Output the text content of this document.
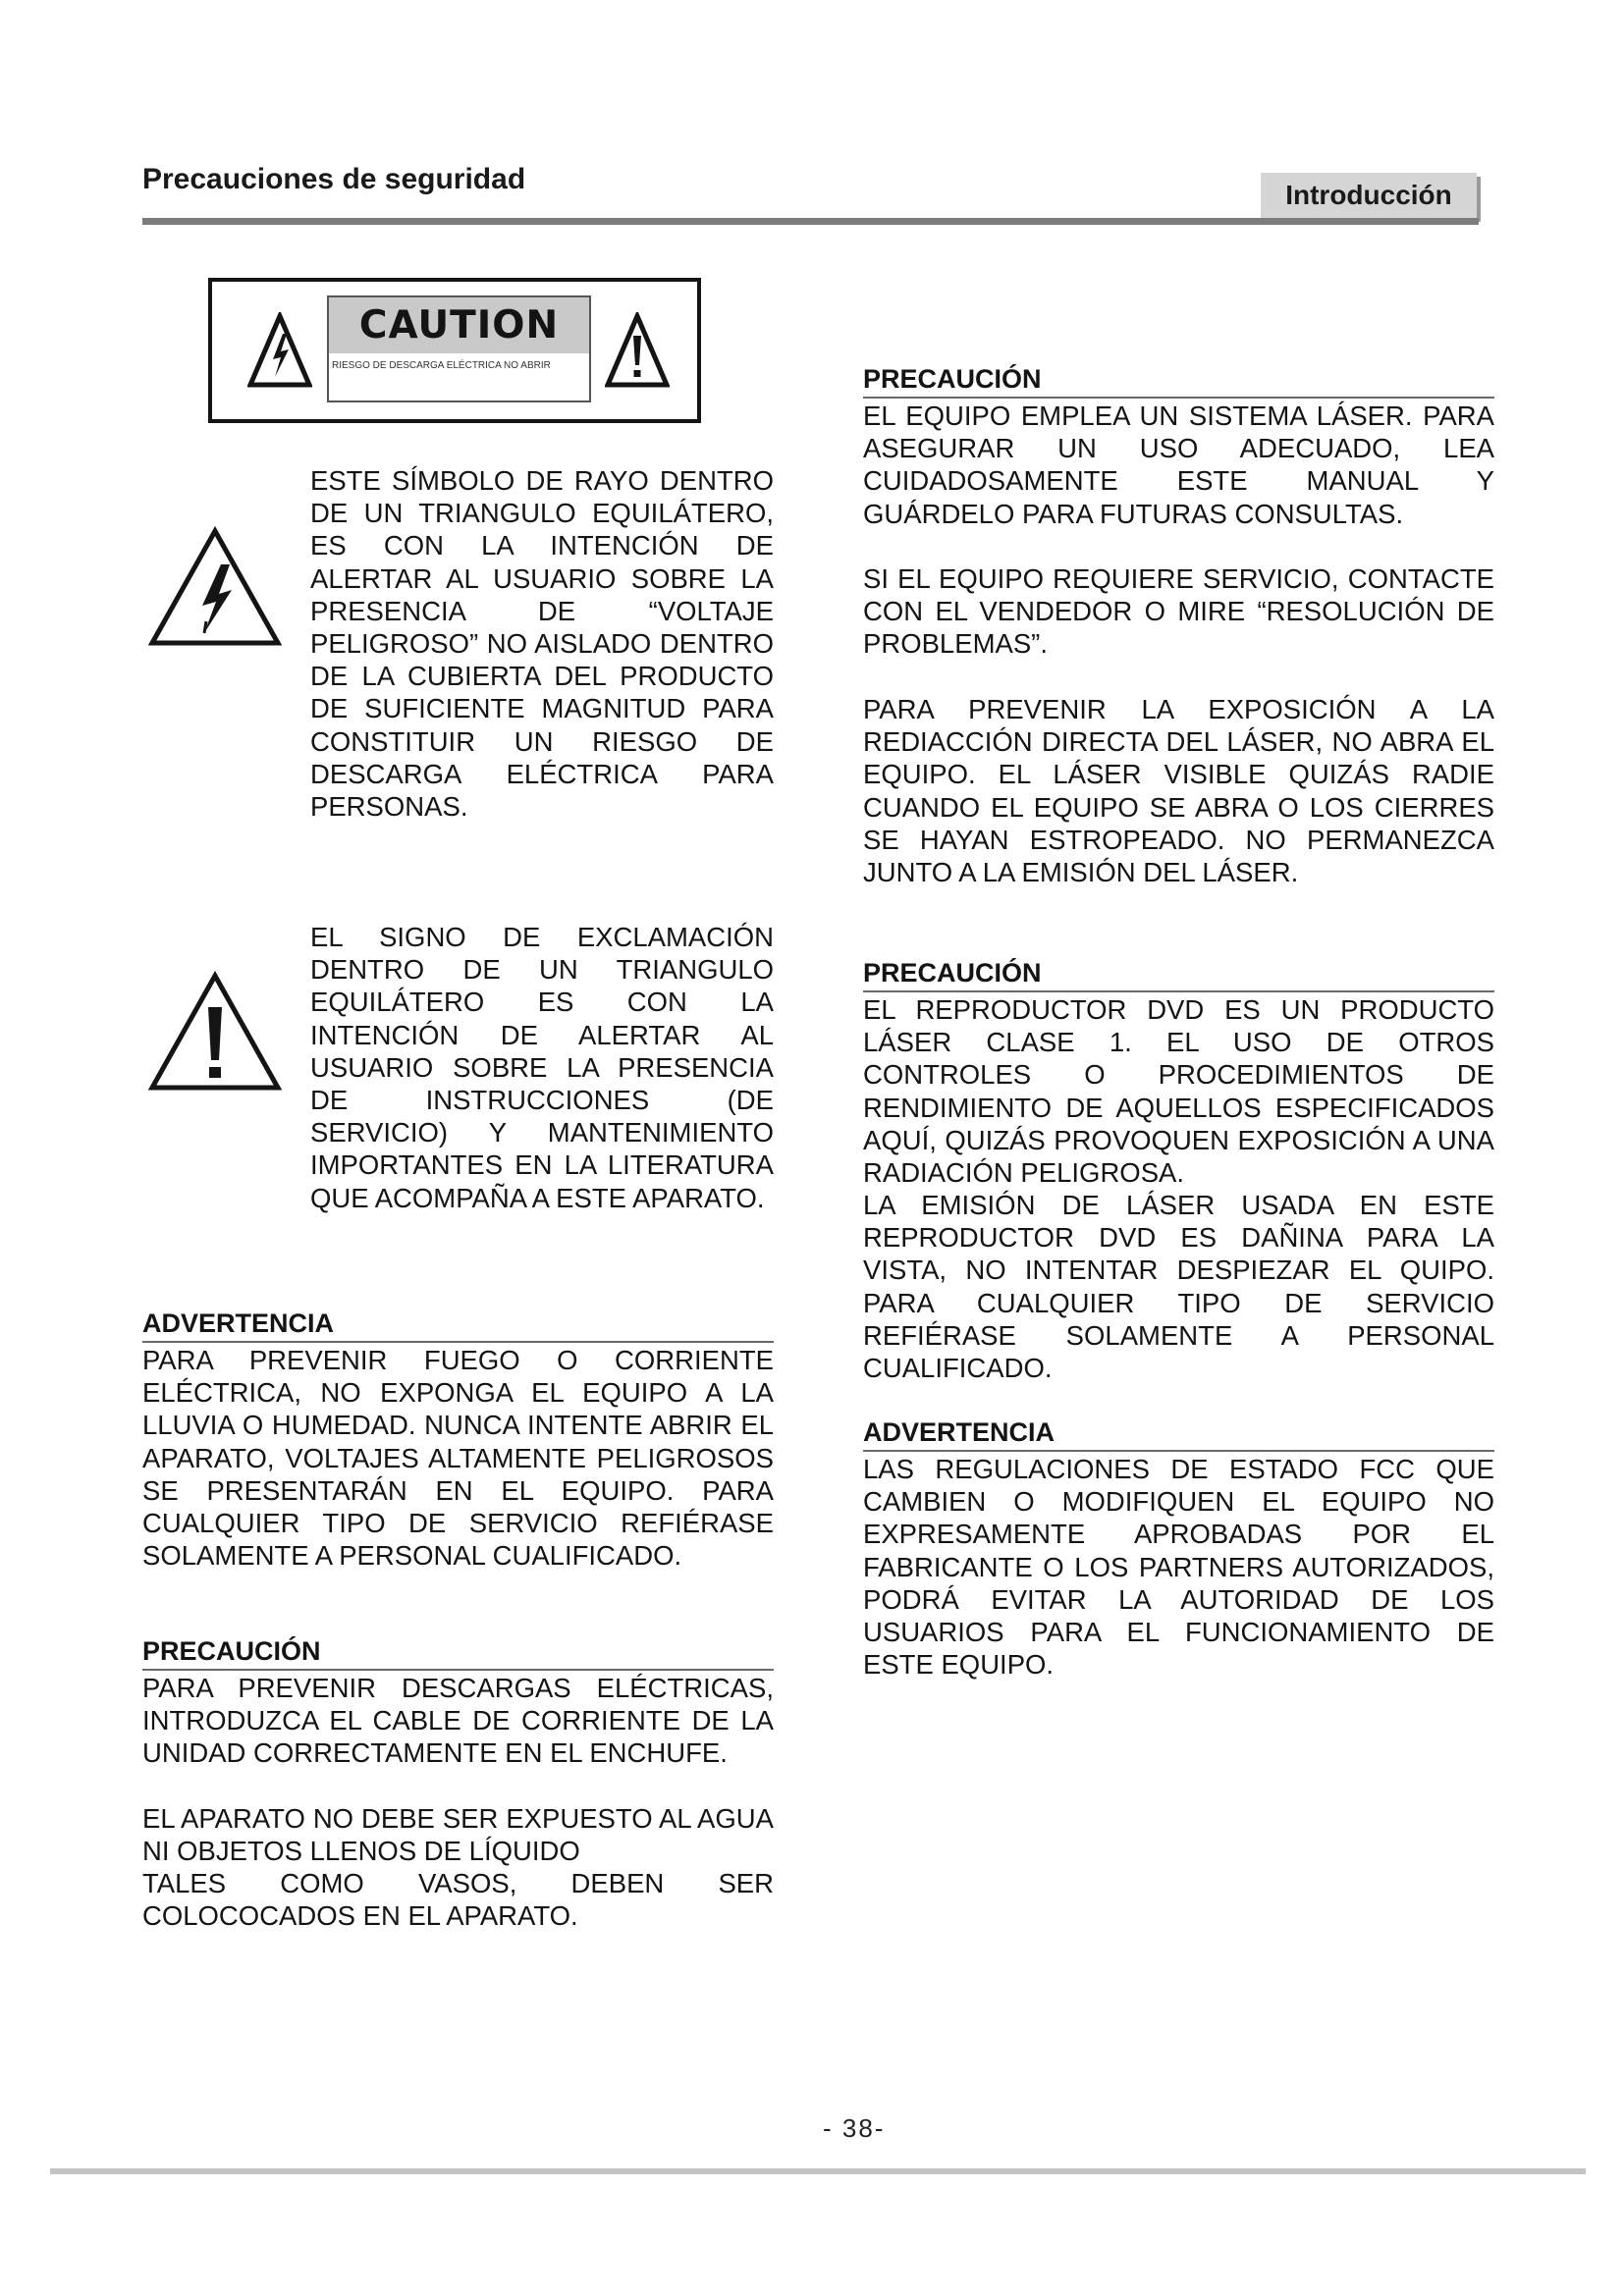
Precauciones de seguridad	Introducción
CAUTION
RIESGO DE DESCARGA ELÉCTRICA NO ABRIR
ESTE SÍMBOLO DE RAYO DENTRO DE UN TRIANGULO EQUILÁTERO, ES CON LA INTENCIÓN DE ALERTAR AL USUARIO SOBRE LA PRESENCIA DE “VOLTAJE PELIGROSO” NO AISLADO DENTRO DE LA CUBIERTA DEL PRODUCTO DE SUFICIENTE MAGNITUD PARA CONSTITUIR UN RIESGO DE DESCARGA ELÉCTRICA PARA PERSONAS.
EL SIGNO DE EXCLAMACIÓN DENTRO DE UN TRIANGULO EQUILÁTERO ES CON LA INTENCIÓN DE ALERTAR AL USUARIO SOBRE LA PRESENCIA DE INSTRUCCIONES (DE SERVICIO) Y MANTENIMIENTO IMPORTANTES EN LA LITERATURA QUE ACOMPAÑA A ESTE APARATO.
ADVERTENCIA
PARA PREVENIR FUEGO O CORRIENTE ELÉCTRICA, NO EXPONGA EL EQUIPO A LA LLUVIA O HUMEDAD. NUNCA INTENTE ABRIR EL APARATO, VOLTAJES ALTAMENTE PELIGROSOS SE PRESENTARÁN EN EL EQUIPO. PARA CUALQUIER TIPO DE SERVICIO REFIÉRASE SOLAMENTE A PERSONAL CUALIFICADO.
PRECAUCIÓN
PARA PREVENIR DESCARGAS ELÉCTRICAS, INTRODUZCA EL CABLE DE CORRIENTE DE LA UNIDAD CORRECTAMENTE EN EL ENCHUFE.
EL APARATO NO DEBE SER EXPUESTO AL AGUA NI OBJETOS LLENOS DE LÍQUIDO
TALES COMO VASOS, DEBEN SER COLOCOCADOS EN EL APARATO.
PRECAUCIÓN
EL EQUIPO EMPLEA UN SISTEMA LÁSER. PARA ASEGURAR UN USO ADECUADO, LEA CUIDADOSAMENTE ESTE MANUAL Y GUÁRDELO PARA FUTURAS CONSULTAS.
SI EL EQUIPO REQUIERE SERVICIO, CONTACTE CON EL VENDEDOR O MIRE “RESOLUCIÓN DE PROBLEMAS”.
PARA PREVENIR LA EXPOSICIÓN A LA REDIACCIÓN DIRECTA DEL LÁSER, NO ABRA EL EQUIPO. EL LÁSER VISIBLE QUIZÁS RADIE CUANDO EL EQUIPO SE ABRA O LOS CIERRES SE HAYAN ESTROPEADO. NO PERMANEZCA JUNTO A LA EMISIÓN DEL LÁSER.
PRECAUCIÓN
EL REPRODUCTOR DVD ES UN PRODUCTO LÁSER CLASE 1. EL USO DE OTROS CONTROLES O PROCEDIMIENTOS DE RENDIMIENTO DE AQUELLOS ESPECIFICADOS AQUÍ, QUIZÁS PROVOQUEN EXPOSICIÓN A UNA RADIACIÓN PELIGROSA.
LA EMISIÓN DE LÁSER USADA EN ESTE REPRODUCTOR DVD ES DAÑINA PARA LA VISTA, NO INTENTAR DESPIEZAR EL QUIPO. PARA CUALQUIER TIPO DE SERVICIO REFIÉRASE SOLAMENTE A PERSONAL CUALIFICADO.
ADVERTENCIA
LAS REGULACIONES DE ESTADO FCC QUE CAMBIEN O MODIFIQUEN EL EQUIPO NO EXPRESAMENTE APROBADAS POR EL FABRICANTE O LOS PARTNERS AUTORIZADOS, PODRÁ EVITAR LA AUTORIDAD DE LOS USUARIOS PARA EL FUNCIONAMIENTO DE ESTE EQUIPO.
- 38-
